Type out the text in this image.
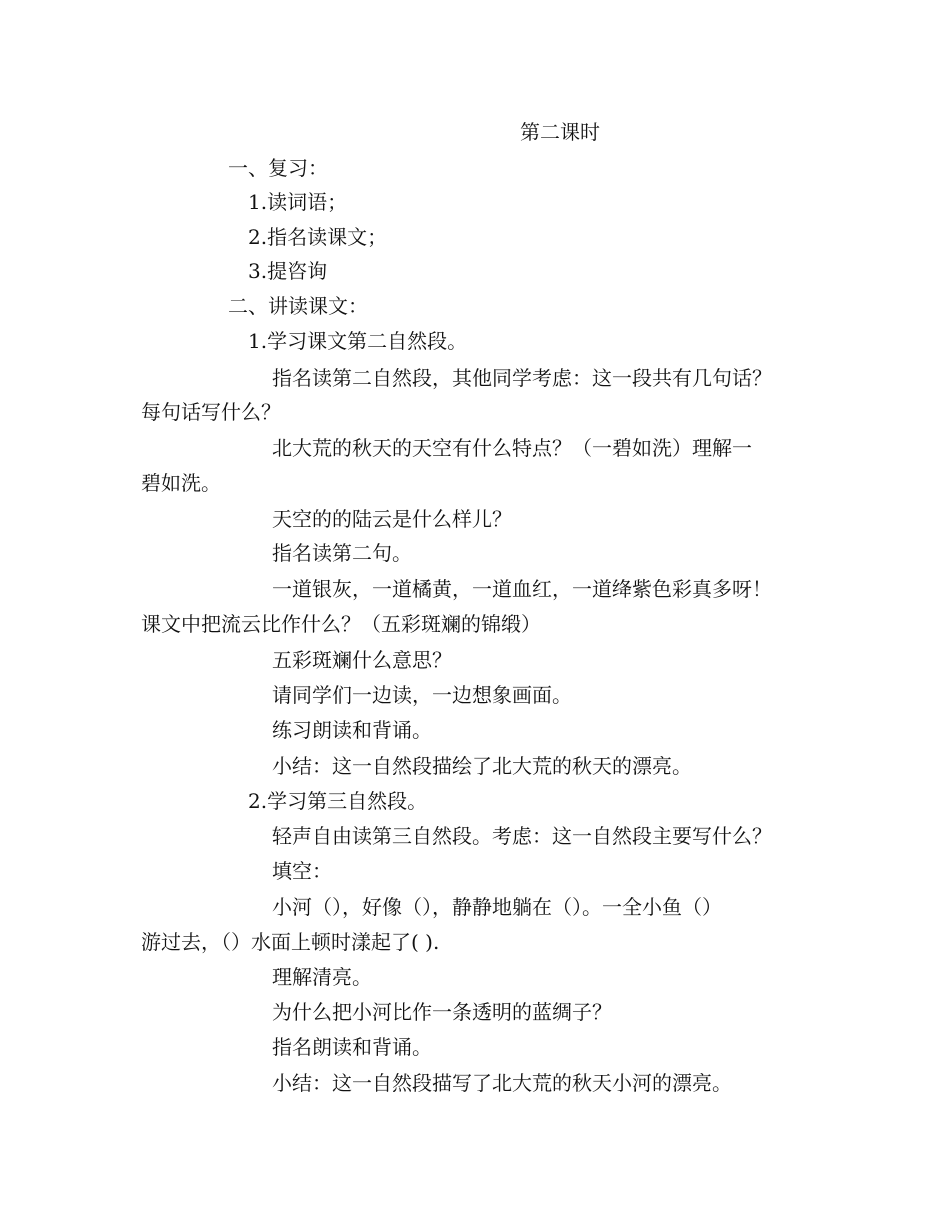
第二课时
一、复习：
1.读词语；
2.指名读课文；
3.提咨询
二、讲读课文：
1.学习课文第二自然段。
指名读第二自然段，其他同学考虑：这一段共有几句话？
每句话写什么？
北大荒的秋天的天空有什么特点？（一碧如洗）理解一
碧如洗。
天空的的陆云是什么样儿？
指名读第二句。
一道银灰，一道橘黄，一道血红，一道绛紫色彩真多呀！
课文中把流云比作什么？（五彩斑斓的锦缎）
五彩斑斓什么意思？
请同学们一边读，一边想象画面。
练习朗读和背诵。
小结：这一自然段描绘了北大荒的秋天的漂亮。
2.学习第三自然段。
轻声自由读第三自然段。考虑：这一自然段主要写什么？
填空：
小河（），好像（），静静地躺在（）。一全小鱼（）
游过去，（）水面上顿时漾起了( ).
理解清亮。
为什么把小河比作一条透明的蓝绸子？
指名朗读和背诵。
小结：这一自然段描写了北大荒的秋天小河的漂亮。
